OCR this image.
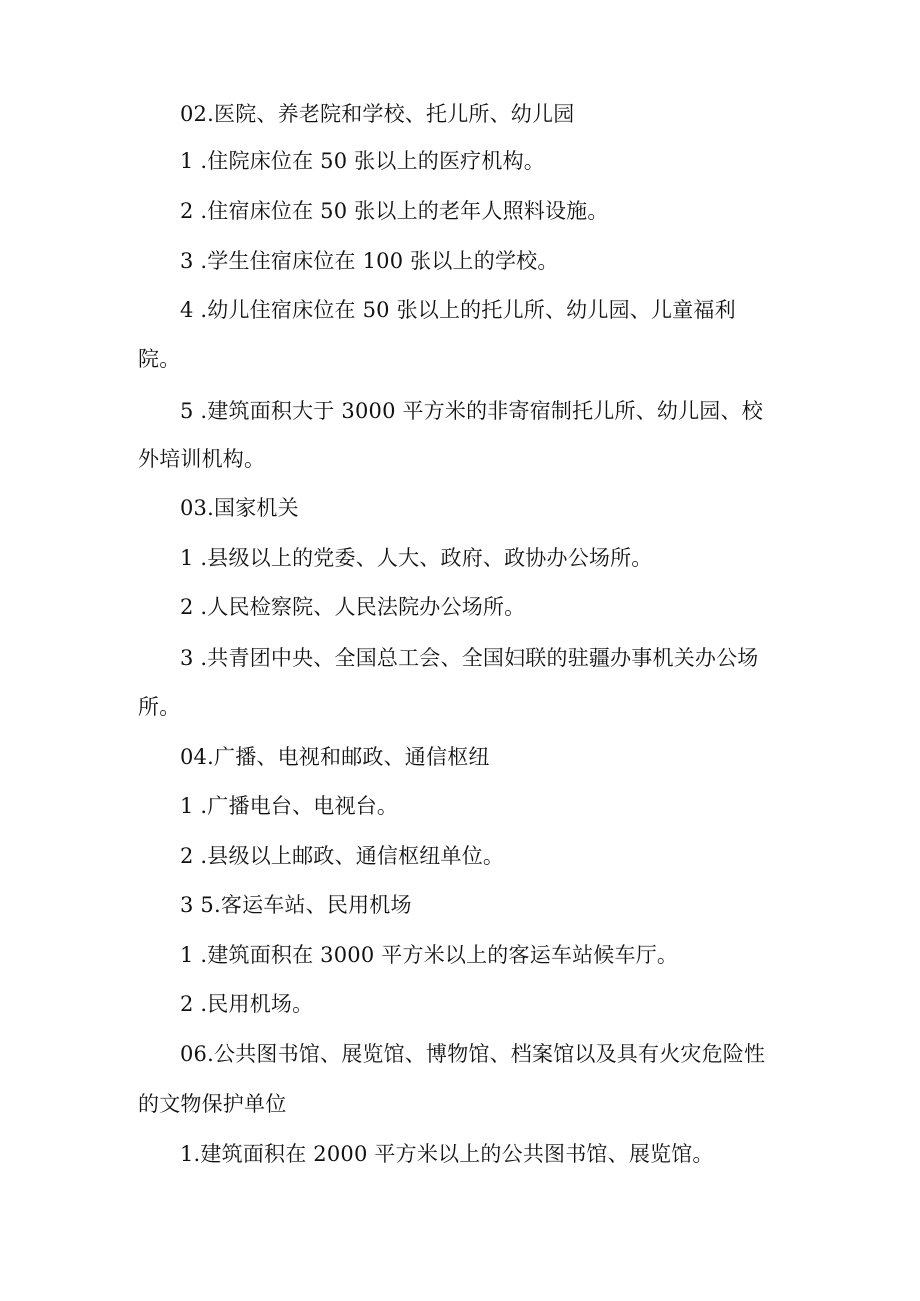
02.医院、养老院和学校、托儿所、幼儿园
1 .住院床位在 50 张以上的医疗机构。
2 .住宿床位在 50 张以上的老年人照料设施。
3 .学生住宿床位在 100 张以上的学校。
4 .幼儿住宿床位在 50 张以上的托儿所、幼儿园、儿童福利
院。
5 .建筑面积大于 3000 平方米的非寄宿制托儿所、幼儿园、校
外培训机构。
03.国家机关
1 .县级以上的党委、人大、政府、政协办公场所。
2 .人民检察院、人民法院办公场所。
3 .共青团中央、全国总工会、全国妇联的驻疆办事机关办公场
所。
04.广播、电视和邮政、通信枢纽
1 .广播电台、电视台。
2 .县级以上邮政、通信枢纽单位。
3 5.客运车站、民用机场
1 .建筑面积在 3000 平方米以上的客运车站候车厅。
2 .民用机场。
06.公共图书馆、展览馆、博物馆、档案馆以及具有火灾危险性
的文物保护单位
1.建筑面积在 2000 平方米以上的公共图书馆、展览馆。
